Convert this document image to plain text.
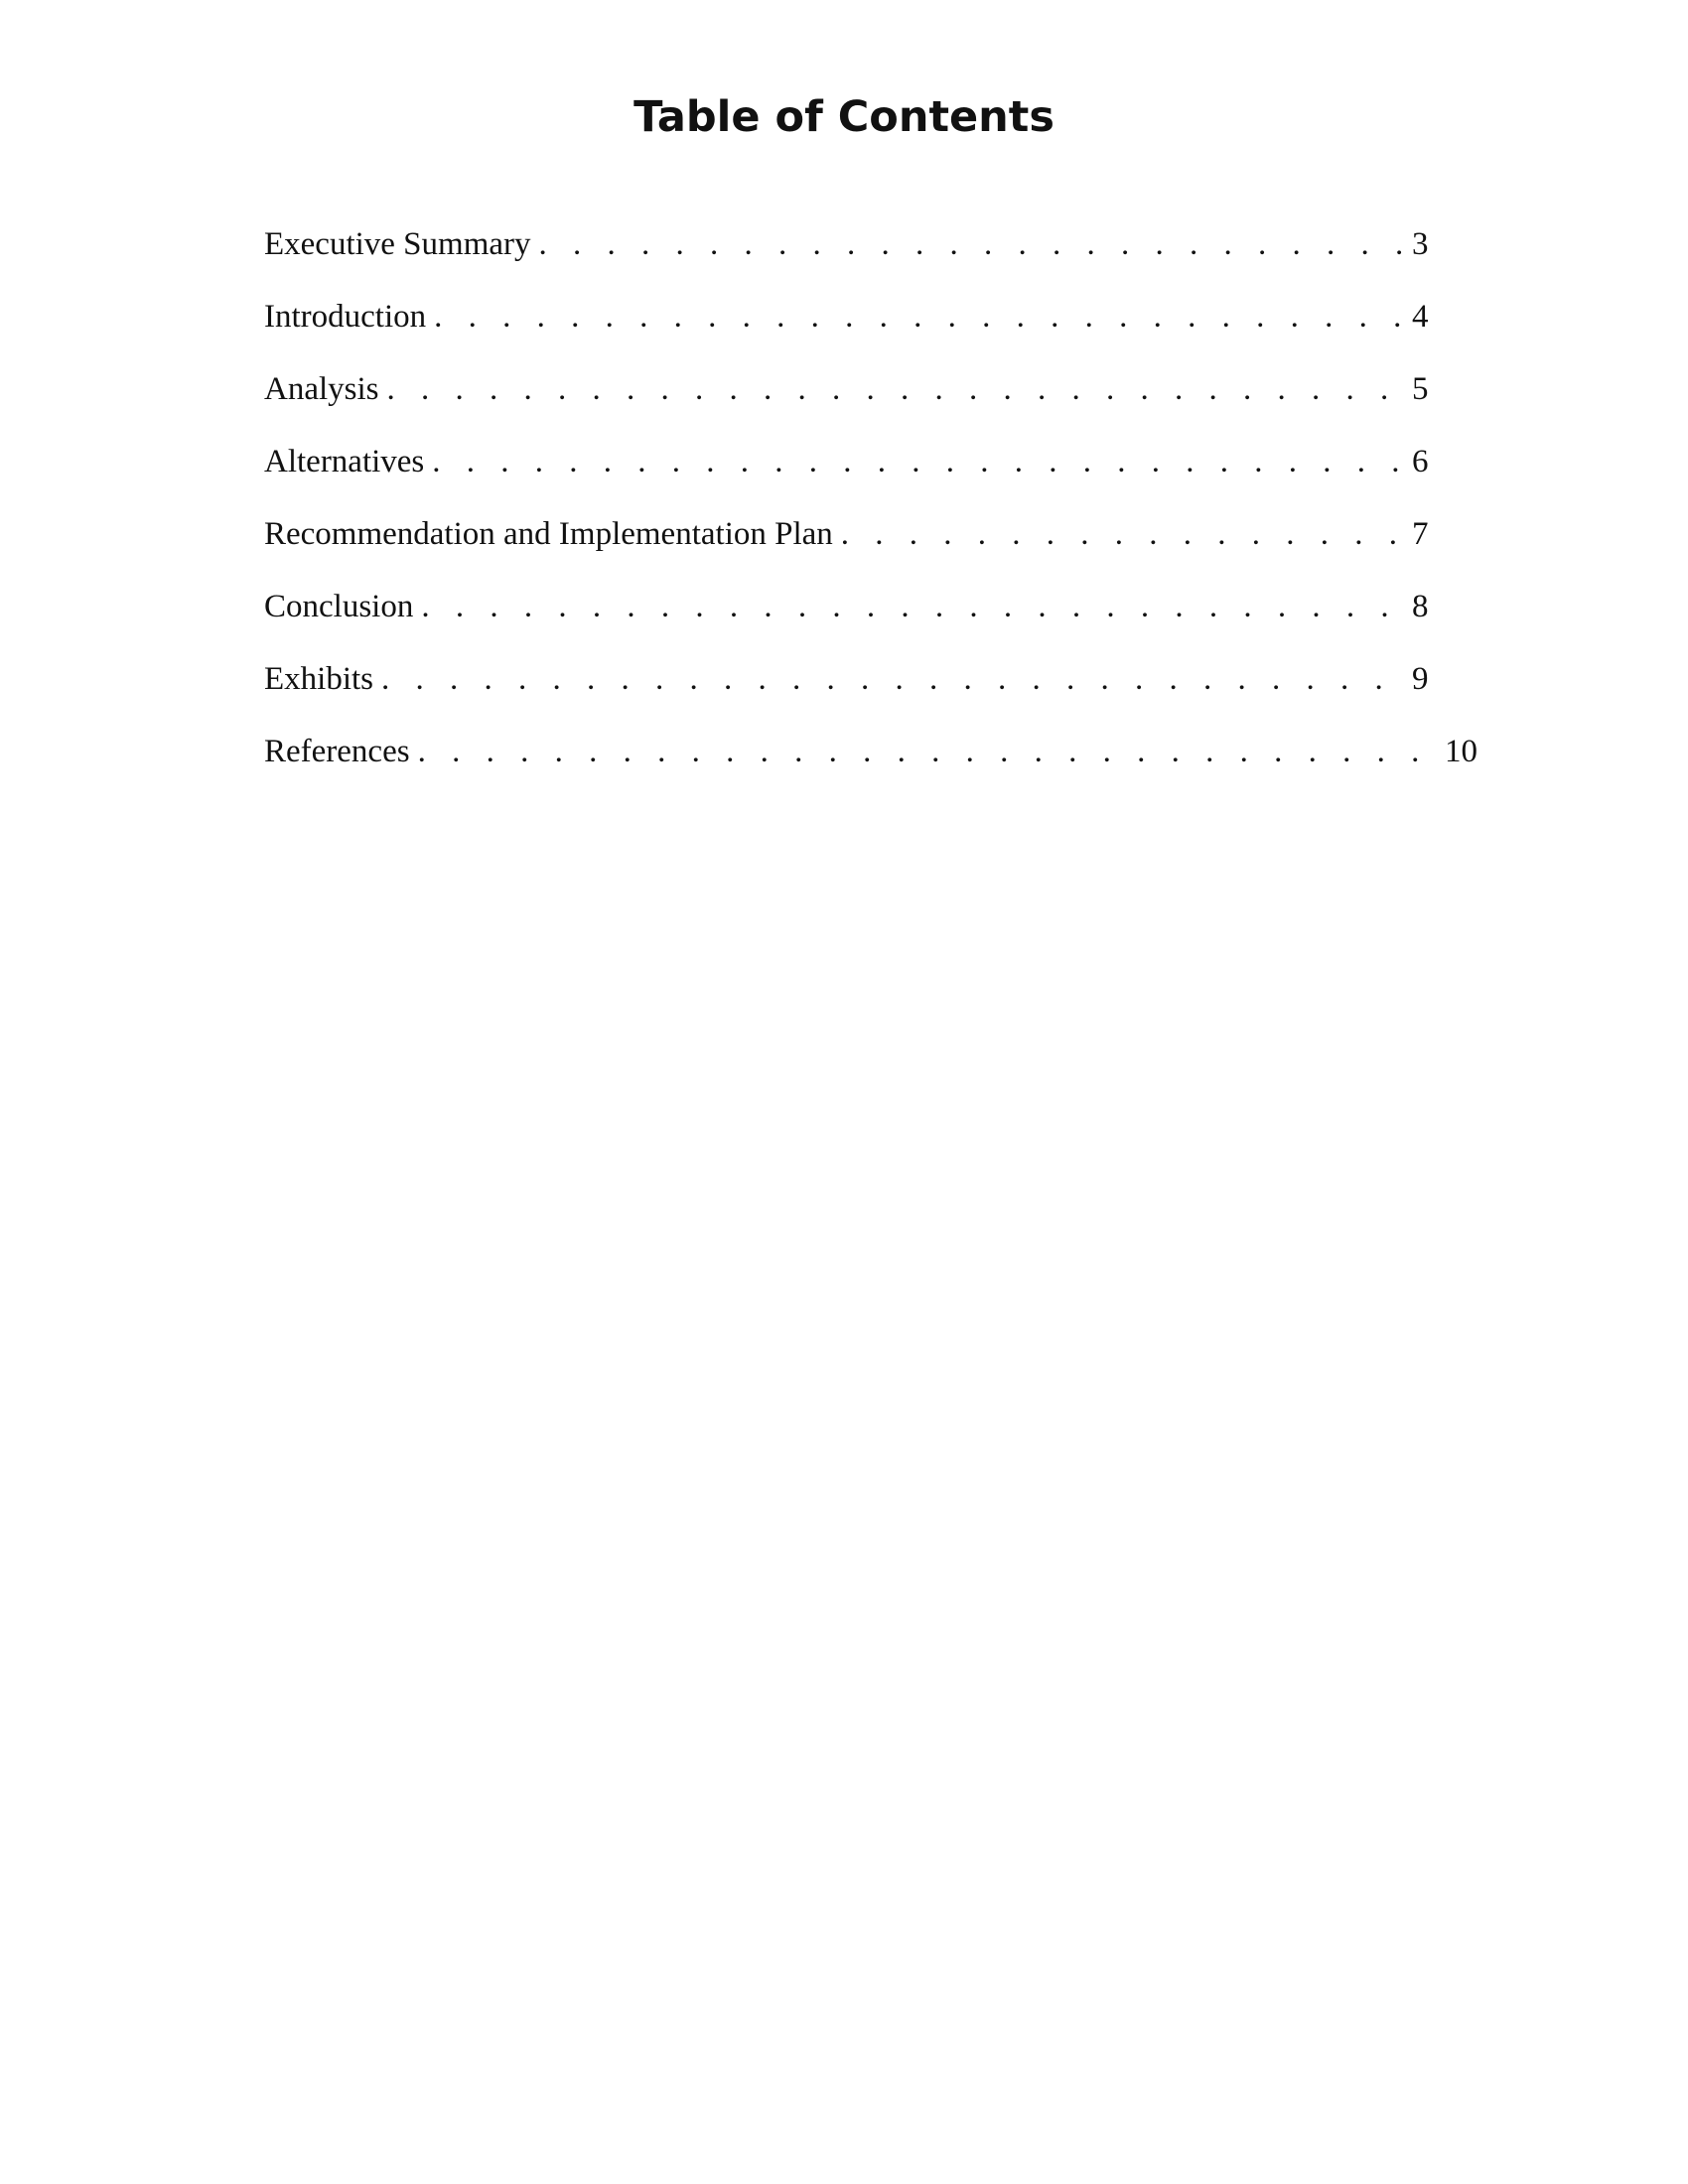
Table of Contents
Executive Summary . . .	3
Introduction . . .	4
Analysis . . .	5
Alternatives . . .	6
Recommendation and Implementation Plan . . .	7
Conclusion . . .	8
Exhibits . . .	9
References . . .	10
